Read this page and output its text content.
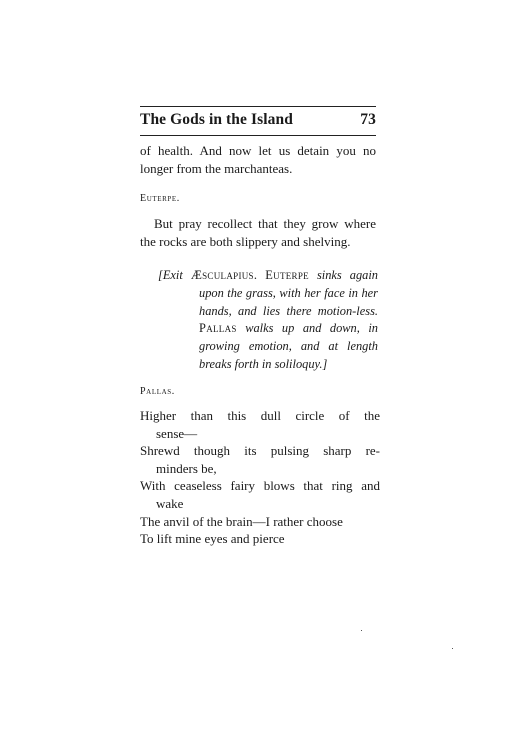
The Gods in the Island	73
of health. And now let us detain you no longer from the marchanteas.
Euterpe.
But pray recollect that they grow where the rocks are both slippery and shelving.
[Exit Æsculapius. Euterpe sinks again upon the grass, with her face in her hands, and lies there motion-less. Pallas walks up and down, in growing emotion, and at length breaks forth in soliloquy.]
Pallas.
Higher than this dull circle of the
sense—
Shrewd though its pulsing sharp re-
minders be,
With ceaseless fairy blows that ring and
wake
The anvil of the brain—I rather choose
To lift mine eyes and pierce
